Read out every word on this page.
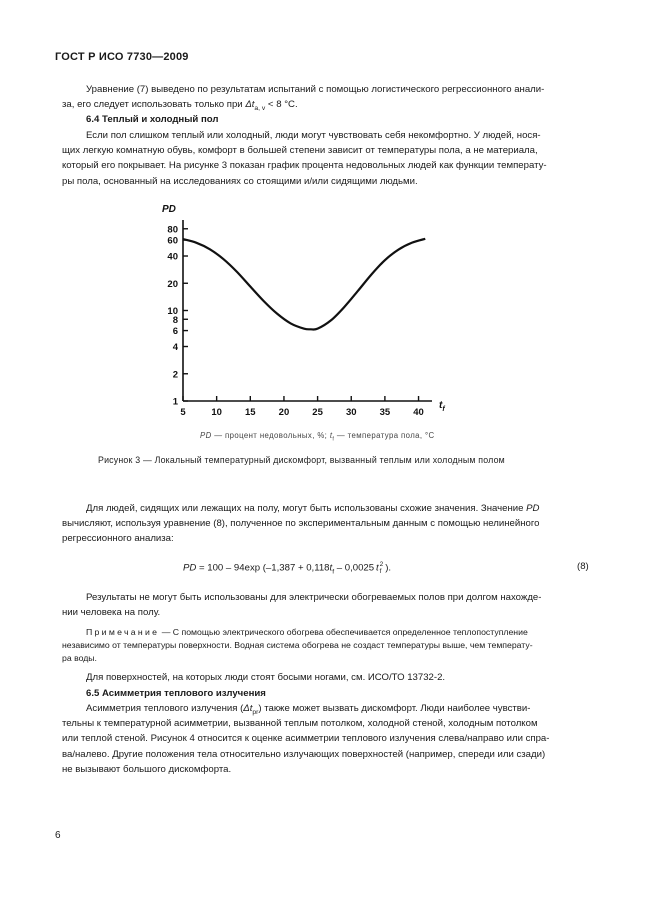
ГОСТ Р ИСО 7730—2009
Уравнение (7) выведено по результатам испытаний с помощью логистического регрессионного анали-
за, его следует использовать только при $\Delta t_{a, v} < 8$ °C.
6.4 Теплый и холодный пол
Если пол слишком теплый или холодный, люди могут чувствовать себя некомфортно. У людей, нося-
щих легкую комнатную обувь, комфорт в большей степени зависит от температуры пола, а не материала,
который его покрывает. На рисунке 3 показан график процента недовольных людей как функции температу-
ры пола, основанный на исследованиях со стоящими и/или сидящими людьми.
PD
$t_f$
80
60
40
20
10
8
6
4
2
1
5	10 15 20 25 30 35 40
PD — процент недовольных, %; $t_f$ — температура пола, °C
Рисунок 3 — Локальный температурный дискомфорт, вызванный теплым или холодным полом
Для людей, сидящих или лежащих на полу, могут быть использованы схожие значения. Значение PD
вычисляют, используя уравнение (8), полученное по экспериментальным данным с помощью нелинейного
регрессионного анализа:
PD = 100 – 94exp ($-1,387 + 0,118t_f - 0,0025$  t 2
f
  ).	(8)
Результаты не могут быть использованы для электрически обогреваемых полов при долгом нахожде-
нии человека на полу.
Примечание — С помощью электрического обогрева обеспечивается определенное теплопоступление
независимо от температуры поверхности. Водная система обогрева не создаст температуры выше, чем температу-
ра воды.
Для поверхностей, на которых люди стоят босыми ногами, см. ИСО/ТО 13732-2.
6.5 Асимметрия теплового излучения
Асимметрия теплового излучения $(\Delta t_{pr})$ также может вызвать дискомфорт. Люди наиболее чувстви-
тельны к температурной асимметрии, вызванной теплым потолком, холодной стеной, холодным потолком
или теплой стеной. Рисунок 4 относится к оценке асимметрии теплового излучения слева/направо или спра-
ва/налево. Другие положения тела относительно излучающих поверхностей (например, спереди или сзади)
не вызывают большого дискомфорта.
6
